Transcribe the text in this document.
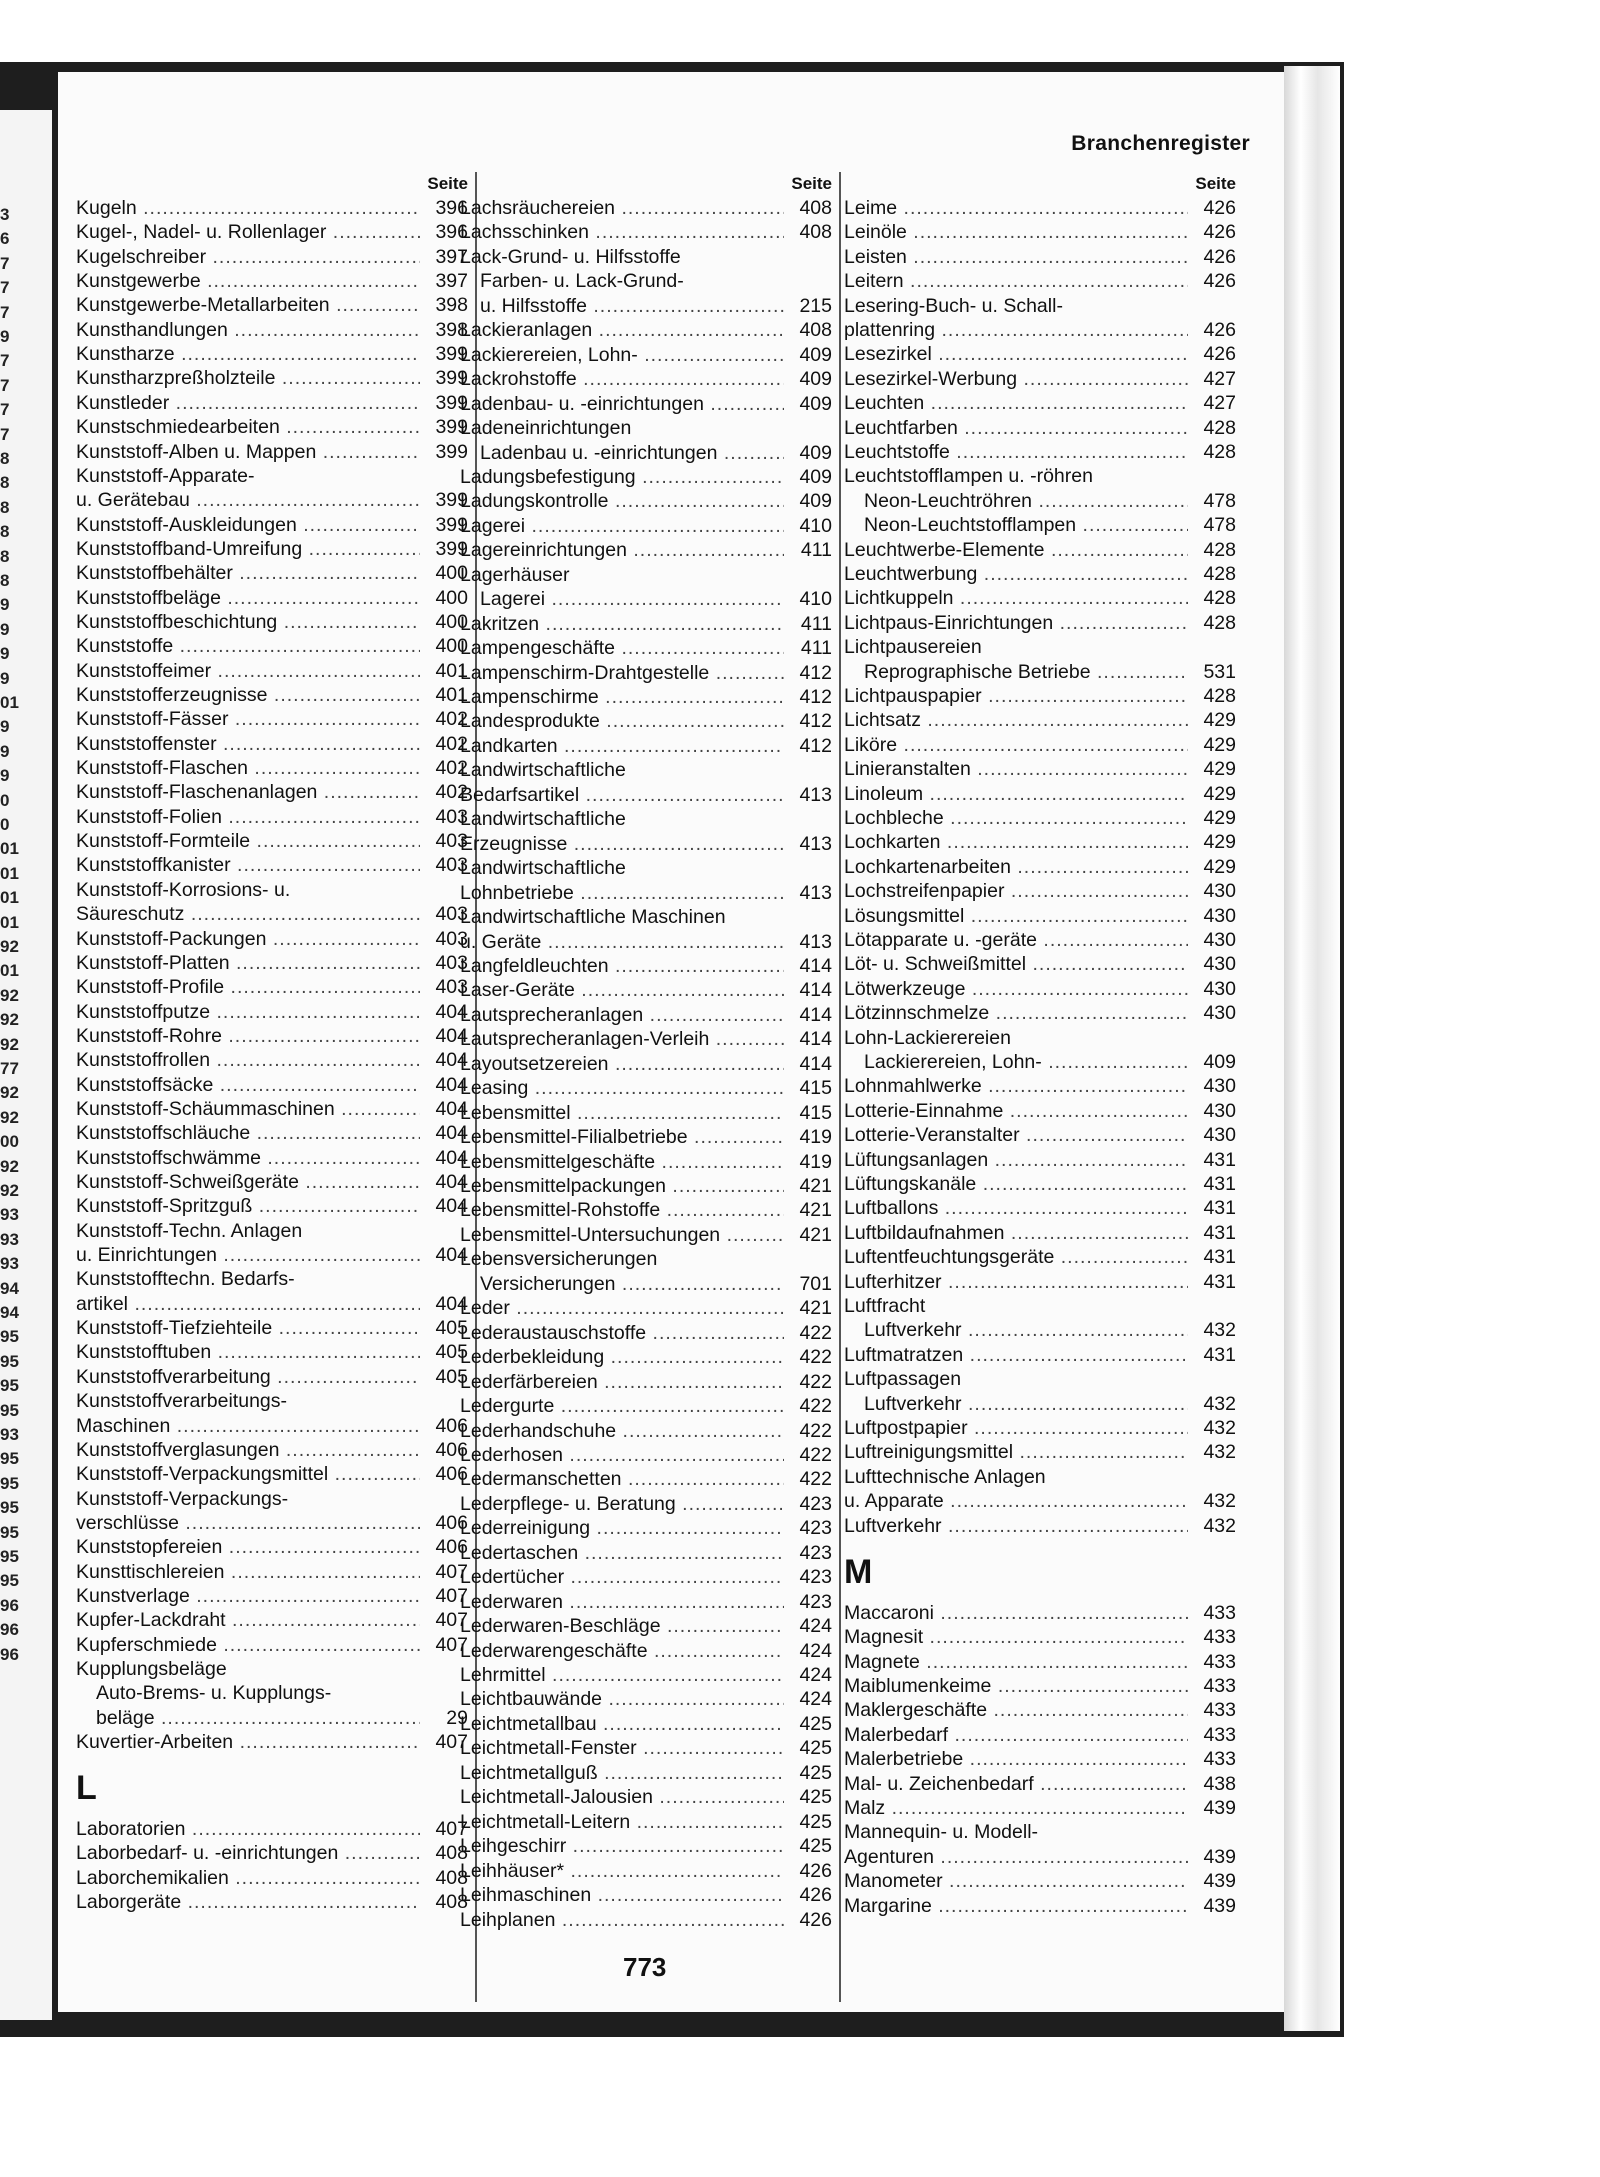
3
6
7
7
7
9
7
7
7
7
8
8
8
8
8
8
9
9
9
9
01
9
9
9
0
0
01
01
01
01
92
01
92
92
92
77
92
92
00
92
92
93
93
93
94
94
95
95
95
95
93
95
95
95
95
95
95
96
96
96
Branchenregister
Seite
Kugeln .....	396
Kugel-, Nadel- u. Rollenlager .....	396
Kugelschreiber .....	397
Kunstgewerbe .....	397
Kunstgewerbe-Metallarbeiten .....	398
Kunsthandlungen .....	398
Kunstharze .....	399
Kunstharzpreßholzteile .....	399
Kunstleder .....	399
Kunstschmiedearbeiten .....	399
Kunststoff-Alben u. Mappen .....	399
Kunststoff-Apparate-
u. Gerätebau .....	399
Kunststoff-Auskleidungen .....	399
Kunststoffband-Umreifung .....	399
Kunststoffbehälter .....	400
Kunststoffbeläge .....	400
Kunststoffbeschichtung .....	400
Kunststoffe .....	400
Kunststoffeimer .....	401
Kunststofferzeugnisse .....	401
Kunststoff-Fässer .....	402
Kunststoffenster .....	402
Kunststoff-Flaschen .....	402
Kunststoff-Flaschenanlagen .....	402
Kunststoff-Folien .....	403
Kunststoff-Formteile .....	403
Kunststoffkanister .....	403
Kunststoff-Korrosions- u.
Säureschutz .....	403
Kunststoff-Packungen .....	403
Kunststoff-Platten .....	403
Kunststoff-Profile .....	403
Kunststoffputze .....	404
Kunststoff-Rohre .....	404
Kunststoffrollen .....	404
Kunststoffsäcke .....	404
Kunststoff-Schäummaschinen .....	404
Kunststoffschläuche .....	404
Kunststoffschwämme .....	404
Kunststoff-Schweißgeräte .....	404
Kunststoff-Spritzguß .....	404
Kunststoff-Techn. Anlagen
u. Einrichtungen .....	404
Kunststofftechn. Bedarfs-
artikel .....	404
Kunststoff-Tiefziehteile .....	405
Kunststofftuben .....	405
Kunststoffverarbeitung .....	405
Kunststoffverarbeitungs-
Maschinen .....	406
Kunststoffverglasungen .....	406
Kunststoff-Verpackungsmittel .....	406
Kunststoff-Verpackungs-
verschlüsse .....	406
Kunststopfereien .....	406
Kunsttischlereien .....	407
Kunstverlage .....	407
Kupfer-Lackdraht .....	407
Kupferschmiede .....	407
Kupplungsbeläge
Auto-Brems- u. Kupplungs-
beläge .....	29
Kuvertier-Arbeiten .....	407
L
Laboratorien .....	407
Laborbedarf- u. -einrichtungen .....	408
Laborchemikalien .....	408
Laborgeräte .....	408
Seite
Lachsräuchereien .....	408
Lachsschinken .....	408
Lack-Grund- u. Hilfsstoffe
Farben- u. Lack-Grund-
u. Hilfsstoffe .....	215
Lackieranlagen .....	408
Lackierereien, Lohn- .....	409
Lackrohstoffe .....	409
Ladenbau- u. -einrichtungen .....	409
Ladeneinrichtungen
Ladenbau u. -einrichtungen .....	409
Ladungsbefestigung .....	409
Ladungskontrolle .....	409
Lagerei .....	410
Lagereinrichtungen .....	411
Lagerhäuser
Lagerei .....	410
Lakritzen .....	411
Lampengeschäfte .....	411
Lampenschirm-Drahtgestelle .....	412
Lampenschirme .....	412
Landesprodukte .....	412
Landkarten .....	412
Landwirtschaftliche
Bedarfsartikel .....	413
Landwirtschaftliche
Erzeugnisse .....	413
Landwirtschaftliche
Lohnbetriebe .....	413
Landwirtschaftliche Maschinen
u. Geräte .....	413
Langfeldleuchten .....	414
Laser-Geräte .....	414
Lautsprecheranlagen .....	414
Lautsprecheranlagen-Verleih .....	414
Layoutsetzereien .....	414
Leasing .....	415
Lebensmittel .....	415
Lebensmittel-Filialbetriebe .....	419
Lebensmittelgeschäfte .....	419
Lebensmittelpackungen .....	421
Lebensmittel-Rohstoffe .....	421
Lebensmittel-Untersuchungen .....	421
Lebensversicherungen
Versicherungen .....	701
Leder .....	421
Lederaustauschstoffe .....	422
Lederbekleidung .....	422
Lederfärbereien .....	422
Ledergurte .....	422
Lederhandschuhe .....	422
Lederhosen .....	422
Ledermanschetten .....	422
Lederpflege- u. Beratung .....	423
Lederreinigung .....	423
Ledertaschen .....	423
Ledertücher .....	423
Lederwaren .....	423
Lederwaren-Beschläge .....	424
Lederwarengeschäfte .....	424
Lehrmittel .....	424
Leichtbauwände .....	424
Leichtmetallbau .....	425
Leichtmetall-Fenster .....	425
Leichtmetallguß .....	425
Leichtmetall-Jalousien .....	425
Leichtmetall-Leitern .....	425
Leihgeschirr .....	425
Leihhäuser* .....	426
Leihmaschinen .....	426
Leihplanen .....	426
Seite
Leime .....	426
Leinöle .....	426
Leisten .....	426
Leitern .....	426
Lesering-Buch- u. Schall-
plattenring .....	426
Lesezirkel .....	426
Lesezirkel-Werbung .....	427
Leuchten .....	427
Leuchtfarben .....	428
Leuchtstoffe .....	428
Leuchtstofflampen u. -röhren
Neon-Leuchtröhren .....	478
Neon-Leuchtstofflampen .....	478
Leuchtwerbe-Elemente .....	428
Leuchtwerbung .....	428
Lichtkuppeln .....	428
Lichtpaus-Einrichtungen .....	428
Lichtpausereien
Reprographische Betriebe .....	531
Lichtpauspapier .....	428
Lichtsatz .....	429
Liköre .....	429
Linieranstalten .....	429
Linoleum .....	429
Lochbleche .....	429
Lochkarten .....	429
Lochkartenarbeiten .....	429
Lochstreifenpapier .....	430
Lösungsmittel .....	430
Lötapparate u. -geräte .....	430
Löt- u. Schweißmittel .....	430
Lötwerkzeuge .....	430
Lötzinnschmelze .....	430
Lohn-Lackierereien
Lackierereien, Lohn- .....	409
Lohnmahlwerke .....	430
Lotterie-Einnahme .....	430
Lotterie-Veranstalter .....	430
Lüftungsanlagen .....	431
Lüftungskanäle .....	431
Luftballons .....	431
Luftbildaufnahmen .....	431
Luftentfeuchtungsgeräte .....	431
Lufterhitzer .....	431
Luftfracht
Luftverkehr .....	432
Luftmatratzen .....	431
Luftpassagen
Luftverkehr .....	432
Luftpostpapier .....	432
Luftreinigungsmittel .....	432
Lufttechnische Anlagen
u. Apparate .....	432
Luftverkehr .....	432
M
Maccaroni .....	433
Magnesit .....	433
Magnete .....	433
Maiblumenkeime .....	433
Maklergeschäfte .....	433
Malerbedarf .....	433
Malerbetriebe .....	433
Mal- u. Zeichenbedarf .....	438
Malz .....	439
Mannequin- u. Modell-
Agenturen .....	439
Manometer .....	439
Margarine .....	439
773
